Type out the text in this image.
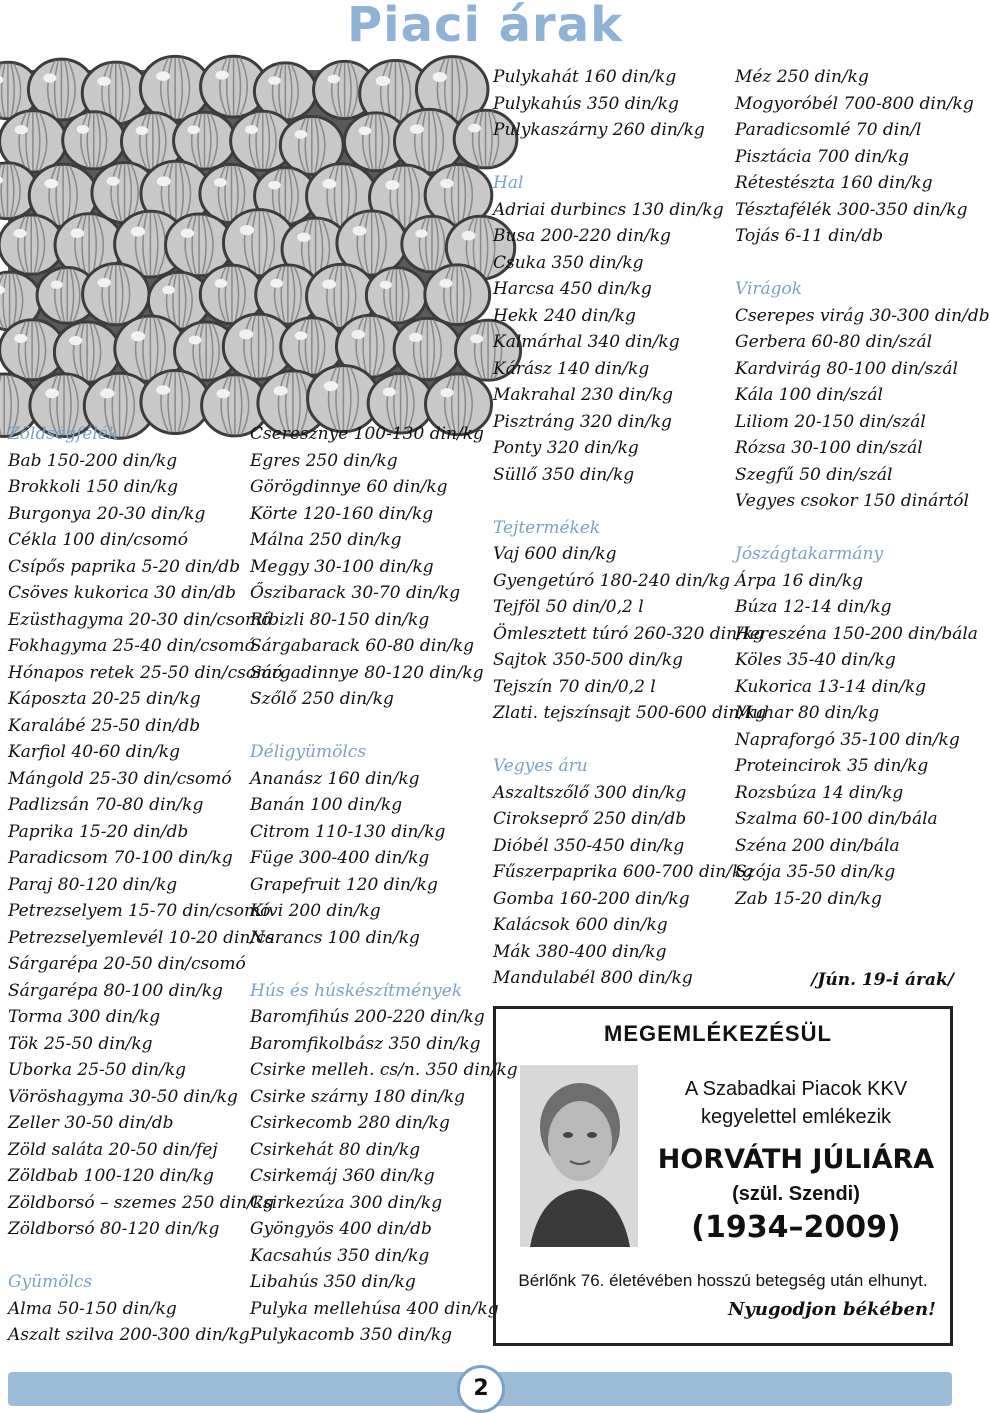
Piaci árak
Zöldségfélék
Bab 150-200 din/kg
Brokkoli 150 din/kg
Burgonya 20-30 din/kg
Cékla 100 din/csomó
Csípős paprika 5-20 din/db
Csöves kukorica 30 din/db
Ezüsthagyma 20-30 din/csomó
Fokhagyma 25-40 din/csomó
Hónapos retek 25-50 din/csomó
Káposzta 20-25 din/kg
Karalábé 25-50 din/db
Karfiol 40-60 din/kg
Mángold 25-30 din/csomó
Padlizsán 70-80 din/kg
Paprika 15-20 din/db
Paradicsom 70-100 din/kg
Paraj 80-120 din/kg
Petrezselyem 15-70 din/csomó
Petrezselyemlevél 10-20 din/cs.
Sárgarépa 20-50 din/csomó
Sárgarépa 80-100 din/kg
Torma 300 din/kg
Tök 25-50 din/kg
Uborka 25-50 din/kg
Vöröshagyma 30-50 din/kg
Zeller 30-50 din/db
Zöld saláta 20-50 din/fej
Zöldbab 100-120 din/kg
Zöldborsó – szemes 250 din/kg
Zöldborsó 80-120 din/kg
Gyümölcs
Alma 50-150 din/kg
Aszalt szilva 200-300 din/kg
Cseresznye 100-130 din/kg
Egres 250 din/kg
Görögdinnye 60 din/kg
Körte 120-160 din/kg
Málna 250 din/kg
Meggy 30-100 din/kg
Őszibarack 30-70 din/kg
Ribizli 80-150 din/kg
Sárgabarack 60-80 din/kg
Sárgadinnye 80-120 din/kg
Szőlő 250 din/kg
Déligyümölcs
Ananász 160 din/kg
Banán 100 din/kg
Citrom 110-130 din/kg
Füge 300-400 din/kg
Grapefruit 120 din/kg
Kivi 200 din/kg
Narancs 100 din/kg
Hús és húskészítmények
Baromfihús 200-220 din/kg
Baromfikolbász 350 din/kg
Csirke melleh. cs/n. 350 din/kg
Csirke szárny 180 din/kg
Csirkecomb 280 din/kg
Csirkehát 80 din/kg
Csirkemáj 360 din/kg
Csirkezúza 300 din/kg
Gyöngyös 400 din/db
Kacsahús 350 din/kg
Libahús 350 din/kg
Pulyka mellehúsa 400 din/kg
Pulykacomb 350 din/kg
Pulykahát 160 din/kg
Pulykahús 350 din/kg
Pulykaszárny 260 din/kg
Hal
Adriai durbincs 130 din/kg
Busa 200-220 din/kg
Csuka 350 din/kg
Harcsa 450 din/kg
Hekk 240 din/kg
Kalmárhal 340 din/kg
Kárász 140 din/kg
Makrahal 230 din/kg
Pisztráng 320 din/kg
Ponty 320 din/kg
Süllő 350 din/kg
Tejtermékek
Vaj 600 din/kg
Gyengetúró 180-240 din/kg
Tejföl 50 din/0,2 l
Ömlesztett túró 260-320 din/kg
Sajtok 350-500 din/kg
Tejszín 70 din/0,2 l
Zlati. tejszínsajt 500-600 din/kg
Vegyes áru
Aszaltszőlő 300 din/kg
Cirokseprő 250 din/db
Dióbél 350-450 din/kg
Fűszerpaprika 600-700 din/kg
Gomba 160-200 din/kg
Kalácsok 600 din/kg
Mák 380-400 din/kg
Mandulabél 800 din/kg
Méz 250 din/kg
Mogyoróbél 700-800 din/kg
Paradicsomlé 70 din/l
Pisztácia 700 din/kg
Rétestészta 160 din/kg
Tésztafélék 300-350 din/kg
Tojás 6-11 din/db
Virágok
Cserepes virág 30-300 din/db
Gerbera 60-80 din/szál
Kardvirág 80-100 din/szál
Kála 100 din/szál
Liliom 20-150 din/szál
Rózsa 30-100 din/szál
Szegfű 50 din/szál
Vegyes csokor 150 dinártól
Jószágtakarmány
Árpa 16 din/kg
Búza 12-14 din/kg
Hereszéna 150-200 din/bála
Köles 35-40 din/kg
Kukorica 13-14 din/kg
Muhar 80 din/kg
Napraforgó 35-100 din/kg
Proteincirok 35 din/kg
Rozsbúza 14 din/kg
Szalma 60-100 din/bála
Széna 200 din/bála
Szója 35-50 din/kg
Zab 15-20 din/kg
/Jún. 19-i árak/
MEGEMLÉKEZÉSÜL
A Szabadkai Piacok KKV
kegyelettel emlékezik
HORVÁTH JÚLIÁRA
(szül. Szendi)
(1934–2009)
Bérlőnk 76. életévében hosszú betegség után elhunyt.
Nyugodjon békében!
2
